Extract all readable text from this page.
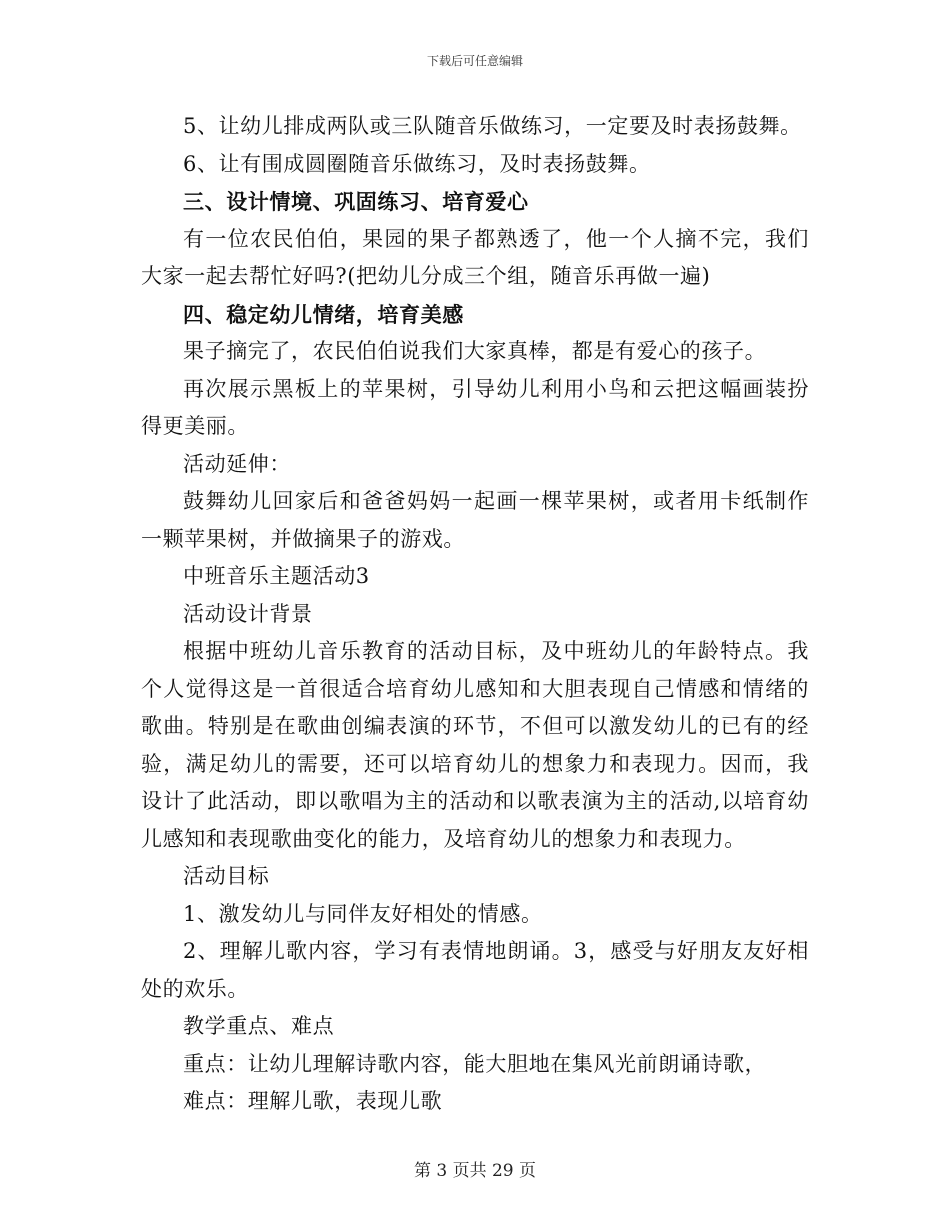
下载后可任意编辑

5、让幼儿排成两队或三队随音乐做练习，一定要及时表扬鼓舞。

6、让有围成圆圈随音乐做练习，及时表扬鼓舞。

三、设计情境、巩固练习、培育爱心

有一位农民伯伯，果园的果子都熟透了，他一个人摘不完，我们大家一起去帮忙好吗?(把幼儿分成三个组，随音乐再做一遍)

四、稳定幼儿情绪，培育美感

果子摘完了，农民伯伯说我们大家真棒，都是有爱心的孩子。

再次展示黑板上的苹果树，引导幼儿利用小鸟和云把这幅画装扮得更美丽。

活动延伸：

鼓舞幼儿回家后和爸爸妈妈一起画一棵苹果树，或者用卡纸制作一颗苹果树，并做摘果子的游戏。

中班音乐主题活动3

活动设计背景

根据中班幼儿音乐教育的活动目标，及中班幼儿的年龄特点。我个人觉得这是一首很适合培育幼儿感知和大胆表现自己情感和情绪的歌曲。特别是在歌曲创编表演的环节，不但可以激发幼儿的已有的经验，满足幼儿的需要，还可以培育幼儿的想象力和表现力。因而，我设计了此活动，即以歌唱为主的活动和以歌表演为主的活动,以培育幼儿感知和表现歌曲变化的能力，及培育幼儿的想象力和表现力。

活动目标

1、激发幼儿与同伴友好相处的情感。

2、理解儿歌内容，学习有表情地朗诵。3，感受与好朋友友好相处的欢乐。

教学重点、难点

重点：让幼儿理解诗歌内容，能大胆地在集风光前朗诵诗歌，

难点：理解儿歌，表现儿歌

第 3 页共 29 页
